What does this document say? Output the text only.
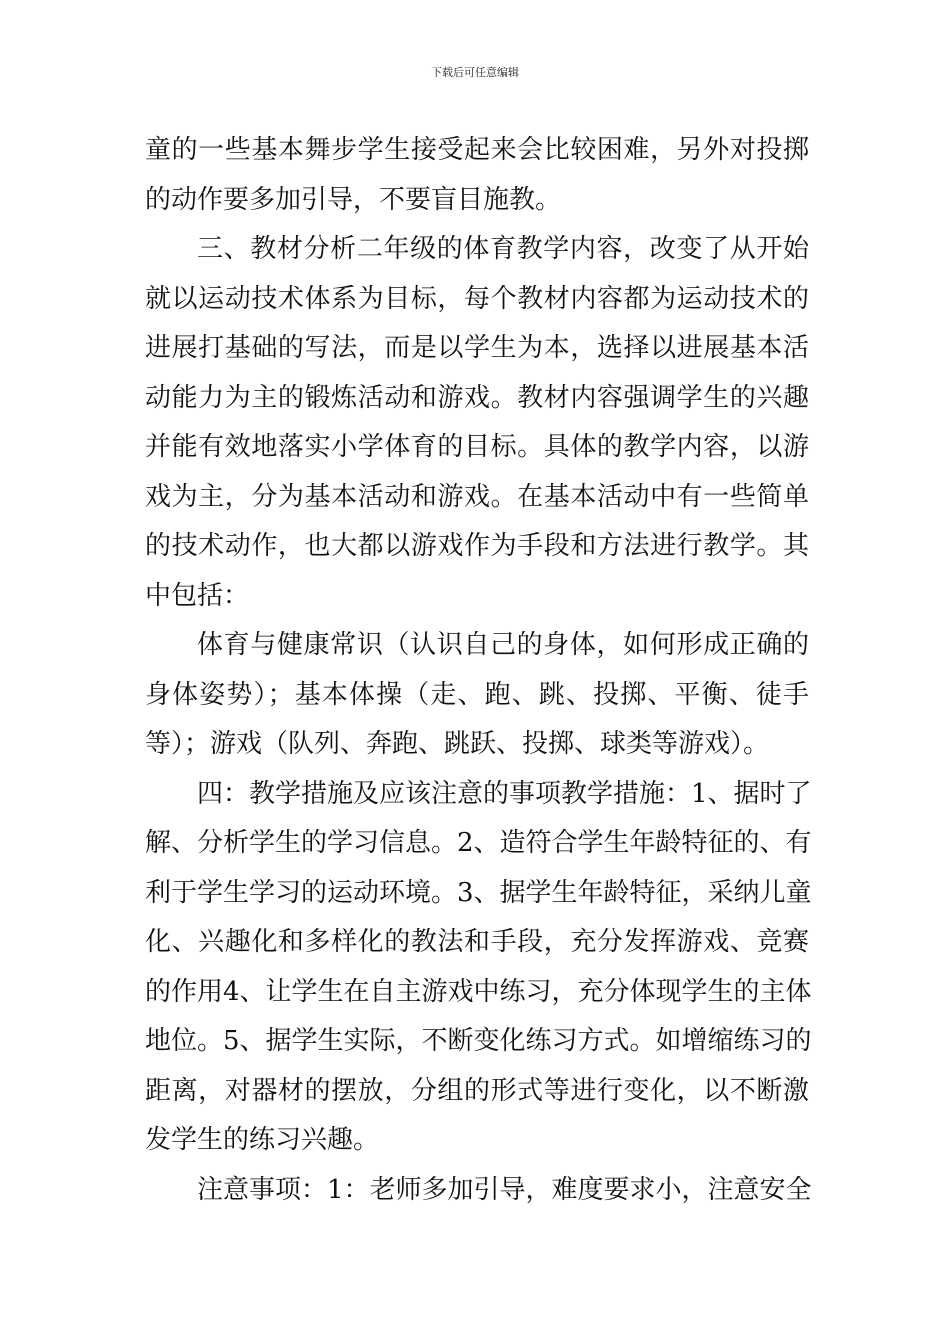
下载后可任意编辑
童的一些基本舞步学生接受起来会比较困难，另外对投掷
的动作要多加引导，不要盲目施教。
三、教材分析二年级的体育教学内容，改变了从开始
就以运动技术体系为目标，每个教材内容都为运动技术的
进展打基础的写法，而是以学生为本，选择以进展基本活
动能力为主的锻炼活动和游戏。教材内容强调学生的兴趣
并能有效地落实小学体育的目标。具体的教学内容，以游
戏为主，分为基本活动和游戏。在基本活动中有一些简单
的技术动作，也大都以游戏作为手段和方法进行教学。其
中包括：
体育与健康常识（认识自己的身体，如何形成正确的
身体姿势）；基本体操（走、跑、跳、投掷、平衡、徒手
等）；游戏（队列、奔跑、跳跃、投掷、球类等游戏）。
四：教学措施及应该注意的事项教学措施：1、据时了
解、分析学生的学习信息。2、造符合学生年龄特征的、有
利于学生学习的运动环境。3、据学生年龄特征，采纳儿童
化、兴趣化和多样化的教法和手段，充分发挥游戏、竞赛
的作用4、让学生在自主游戏中练习，充分体现学生的主体
地位。5、据学生实际，不断变化练习方式。如增缩练习的
距离，对器材的摆放，分组的形式等进行变化，以不断激
发学生的练习兴趣。
注意事项：1：老师多加引导，难度要求小，注意安全
